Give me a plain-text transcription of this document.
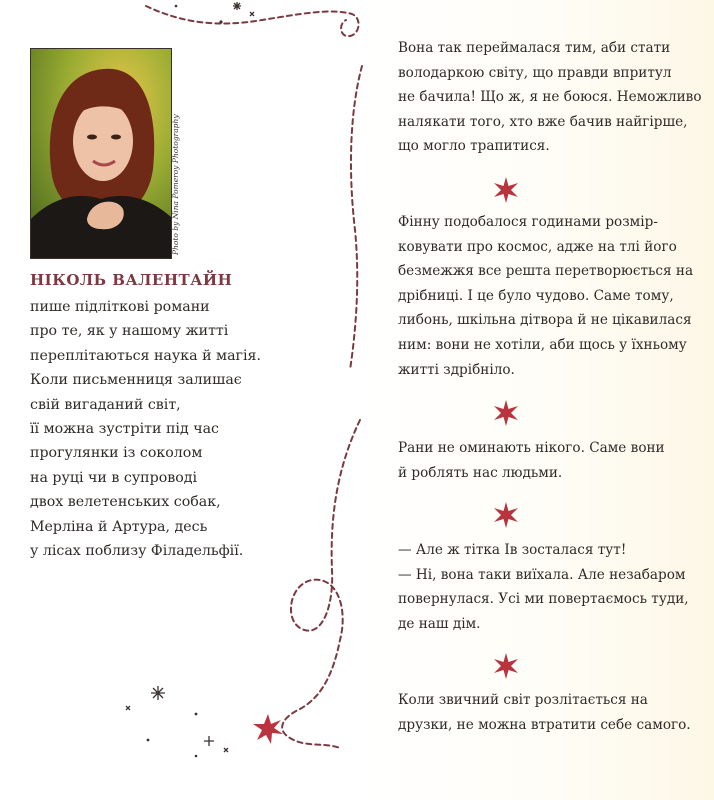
Photo by Nina Pomeroy Photography
НІКОЛЬ ВАЛЕНТАЙН
пише підліткові романи
про те, як у нашому житті
переплітаються наука й магія.
Коли письменниця залишає
свій вигаданий світ,
її можна зустріти під час
прогулянки із соколом
на руці чи в супроводі
двох велетенських собак,
Мерліна й Артура, десь
у лісах поблизу Філадельфії.

Вона так переймалася тим, аби стати
володаркою світу, що правди впритул
не бачила! Що ж, я не боюся. Неможливо
налякати того, хто вже бачив найгірше,
що могло трапитися.

Фінну подобалося годинами розмір-
ковувати про космос, адже на тлі його
безмежжя все решта перетворюється на
дрібниці. І це було чудово. Саме тому,
либонь, шкільна дітвора й не цікавилася
ним: вони не хотіли, аби щось у їхньому
житті здрібніло.

Рани не оминають нікого. Саме вони
й роблять нас людьми.

— Але ж тітка Ів зосталася тут!
— Ні, вона таки виїхала. Але незабаром
повернулася. Усі ми повертаємось туди,
де наш дім.

Коли звичний світ розлітається на
друзки, не можна втратити себе самого.
